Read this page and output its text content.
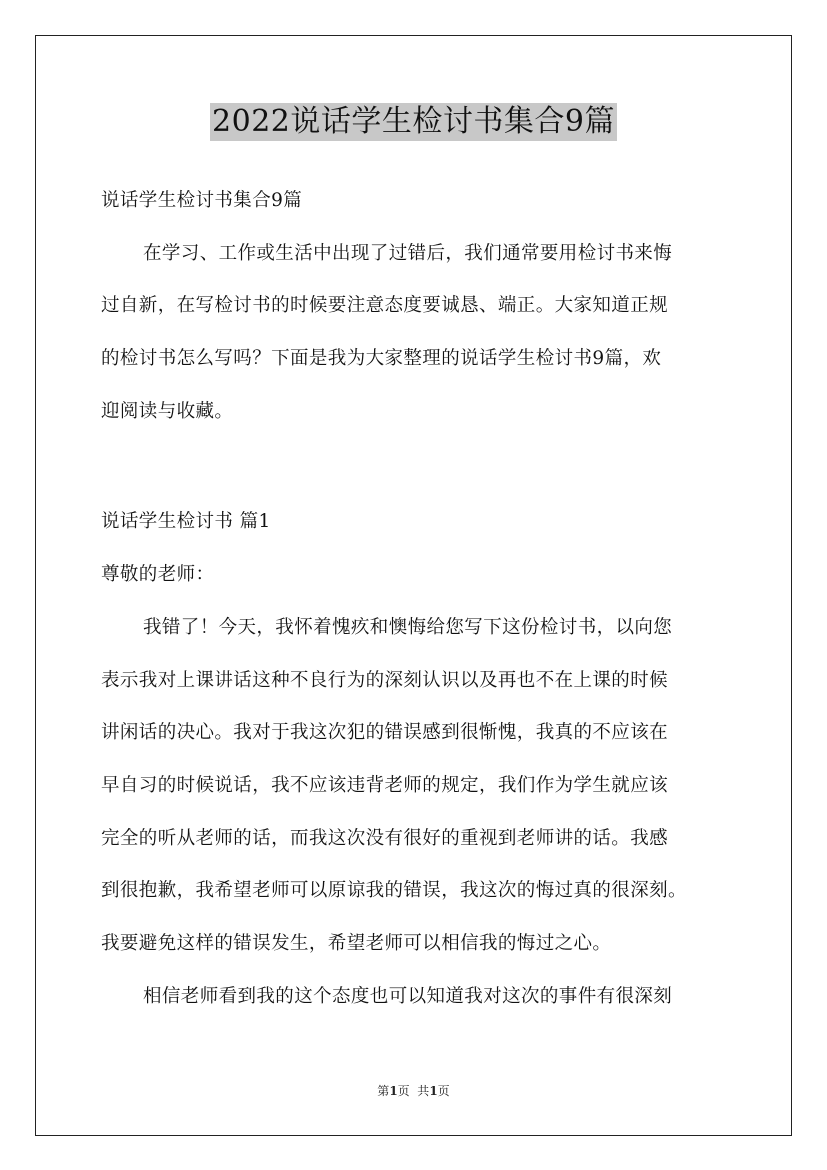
2022说话学生检讨书集合9篇
说话学生检讨书集合9篇
在学习、工作或生活中出现了过错后，我们通常要用检讨书来悔
过自新，在写检讨书的时候要注意态度要诚恳、端正。大家知道正规
的检讨书怎么写吗？下面是我为大家整理的说话学生检讨书9篇，欢
迎阅读与收藏。
说话学生检讨书 篇1
尊敬的老师：
我错了！今天，我怀着愧疚和懊悔给您写下这份检讨书，以向您
表示我对上课讲话这种不良行为的深刻认识以及再也不在上课的时候
讲闲话的决心。我对于我这次犯的错误感到很惭愧，我真的不应该在
早自习的时候说话，我不应该违背老师的规定，我们作为学生就应该
完全的听从老师的话，而我这次没有很好的重视到老师讲的话。我感
到很抱歉，我希望老师可以原谅我的错误，我这次的悔过真的很深刻。
我要避免这样的错误发生，希望老师可以相信我的悔过之心。
相信老师看到我的这个态度也可以知道我对这次的事件有很深刻
第1页  共1页
